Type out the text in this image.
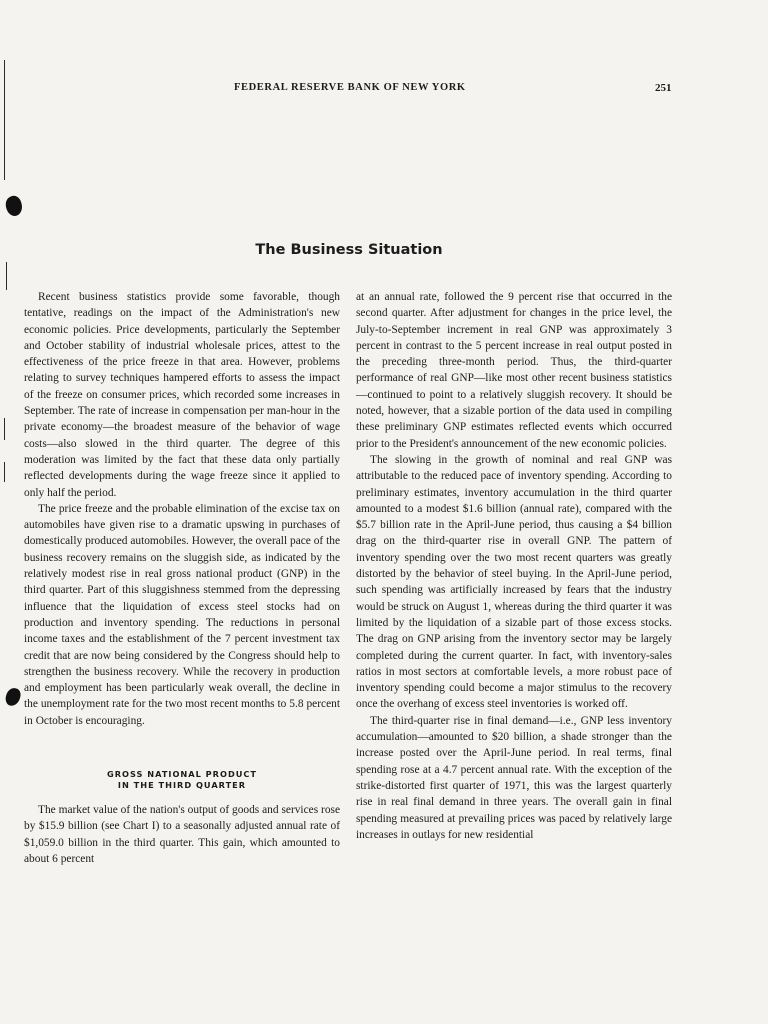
FEDERAL RESERVE BANK OF NEW YORK	251
The Business Situation

Recent business statistics provide some favorable, though tentative, readings on the impact of the Administration's new economic policies. Price developments, particularly the September and October stability of industrial wholesale prices, attest to the effectiveness of the price freeze in that area. However, problems relating to survey techniques hampered efforts to assess the impact of the freeze on consumer prices, which recorded some increases in September. The rate of increase in compensation per man-hour in the private economy—the broadest measure of the behavior of wage costs—also slowed in the third quarter. The degree of this moderation was limited by the fact that these data only partially reflected developments during the wage freeze since it applied to only half the period.

The price freeze and the probable elimination of the excise tax on automobiles have given rise to a dramatic upswing in purchases of domestically produced automobiles. However, the overall pace of the business recovery remains on the sluggish side, as indicated by the relatively modest rise in real gross national product (GNP) in the third quarter. Part of this sluggishness stemmed from the depressing influence that the liquidation of excess steel stocks had on production and inventory spending. The reductions in personal income taxes and the establishment of the 7 percent investment tax credit that are now being considered by the Congress should help to strengthen the business recovery. While the recovery in production and employment has been particularly weak overall, the decline in the unemployment rate for the two most recent months to 5.8 percent in October is encouraging.

GROSS NATIONAL PRODUCT
IN THE THIRD QUARTER

The market value of the nation's output of goods and services rose by $15.9 billion (see Chart I) to a seasonally adjusted annual rate of $1,059.0 billion in the third quarter. This gain, which amounted to about 6 percent

at an annual rate, followed the 9 percent rise that occurred in the second quarter. After adjustment for changes in the price level, the July-to-September increment in real GNP was approximately 3 percent in contrast to the 5 percent increase in real output posted in the preceding three-month period. Thus, the third-quarter performance of real GNP—like most other recent business statistics—continued to point to a relatively sluggish recovery. It should be noted, however, that a sizable portion of the data used in compiling these preliminary GNP estimates reflected events which occurred prior to the President's announcement of the new economic policies.

The slowing in the growth of nominal and real GNP was attributable to the reduced pace of inventory spending. According to preliminary estimates, inventory accumulation in the third quarter amounted to a modest $1.6 billion (annual rate), compared with the $5.7 billion rate in the April-June period, thus causing a $4 billion drag on the third-quarter rise in overall GNP. The pattern of inventory spending over the two most recent quarters was greatly distorted by the behavior of steel buying. In the April-June period, such spending was artificially increased by fears that the industry would be struck on August 1, whereas during the third quarter it was limited by the liquidation of a sizable part of those excess stocks. The drag on GNP arising from the inventory sector may be largely completed during the current quarter. In fact, with inventory-sales ratios in most sectors at comfortable levels, a more robust pace of inventory spending could become a major stimulus to the recovery once the overhang of excess steel inventories is worked off.

The third-quarter rise in final demand—i.e., GNP less inventory accumulation—amounted to $20 billion, a shade stronger than the increase posted over the April-June period. In real terms, final spending rose at a 4.7 percent annual rate. With the exception of the strike-distorted first quarter of 1971, this was the largest quarterly rise in real final demand in three years. The overall gain in final spending measured at prevailing prices was paced by relatively large increases in outlays for new residential
